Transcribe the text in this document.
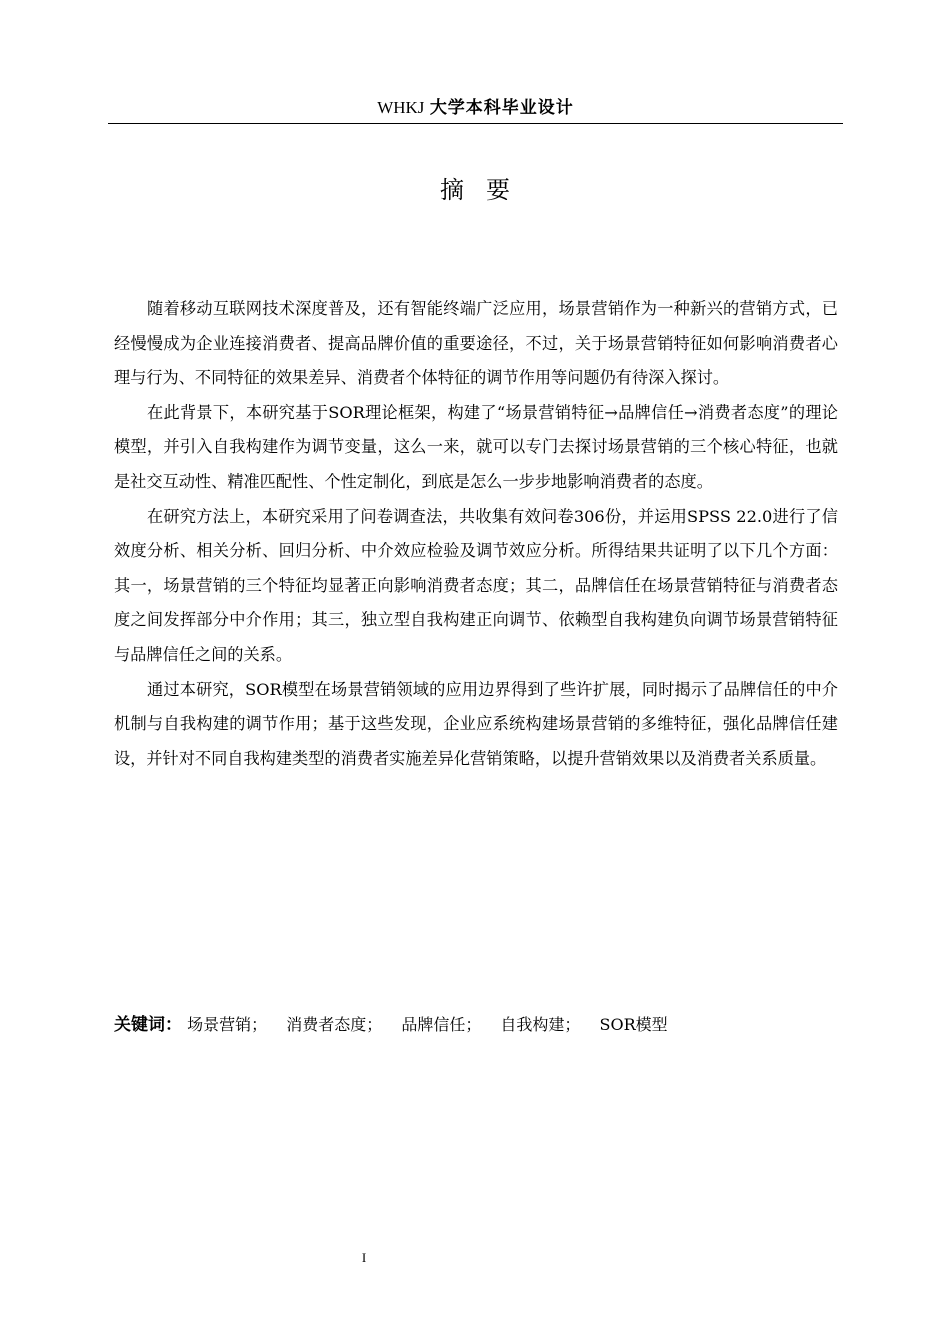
WHKJ 大学本科毕业设计
摘要

随着移动互联网技术深度普及，还有智能终端广泛应用，场景营销作为一种新兴的营销方式，已经慢慢成为企业连接消费者、提高品牌价值的重要途径，不过，关于场景营销特征如何影响消费者心理与行为、不同特征的效果差异、消费者个体特征的调节作用等问题仍有待深入探讨。

在此背景下，本研究基于SOR理论框架，构建了“场景营销特征→品牌信任→消费者态度”的理论模型，并引入自我构建作为调节变量，这么一来，就可以专门去探讨场景营销的三个核心特征，也就是社交互动性、精准匹配性、个性定制化，到底是怎么一步步地影响消费者的态度。

在研究方法上，本研究采用了问卷调查法，共收集有效问卷306份，并运用SPSS 22.0进行了信效度分析、相关分析、回归分析、中介效应检验及调节效应分析。所得结果共证明了以下几个方面：其一，场景营销的三个特征均显著正向影响消费者态度；其二，品牌信任在场景营销特征与消费者态度之间发挥部分中介作用；其三，独立型自我构建正向调节、依赖型自我构建负向调节场景营销特征与品牌信任之间的关系。

通过本研究，SOR模型在场景营销领域的应用边界得到了些许扩展，同时揭示了品牌信任的中介机制与自我构建的调节作用；基于这些发现，企业应系统构建场景营销的多维特征，强化品牌信任建设，并针对不同自我构建类型的消费者实施差异化营销策略，以提升营销效果以及消费者关系质量。

关键词： 场景营销； 消费者态度； 品牌信任； 自我构建； SOR模型
I
